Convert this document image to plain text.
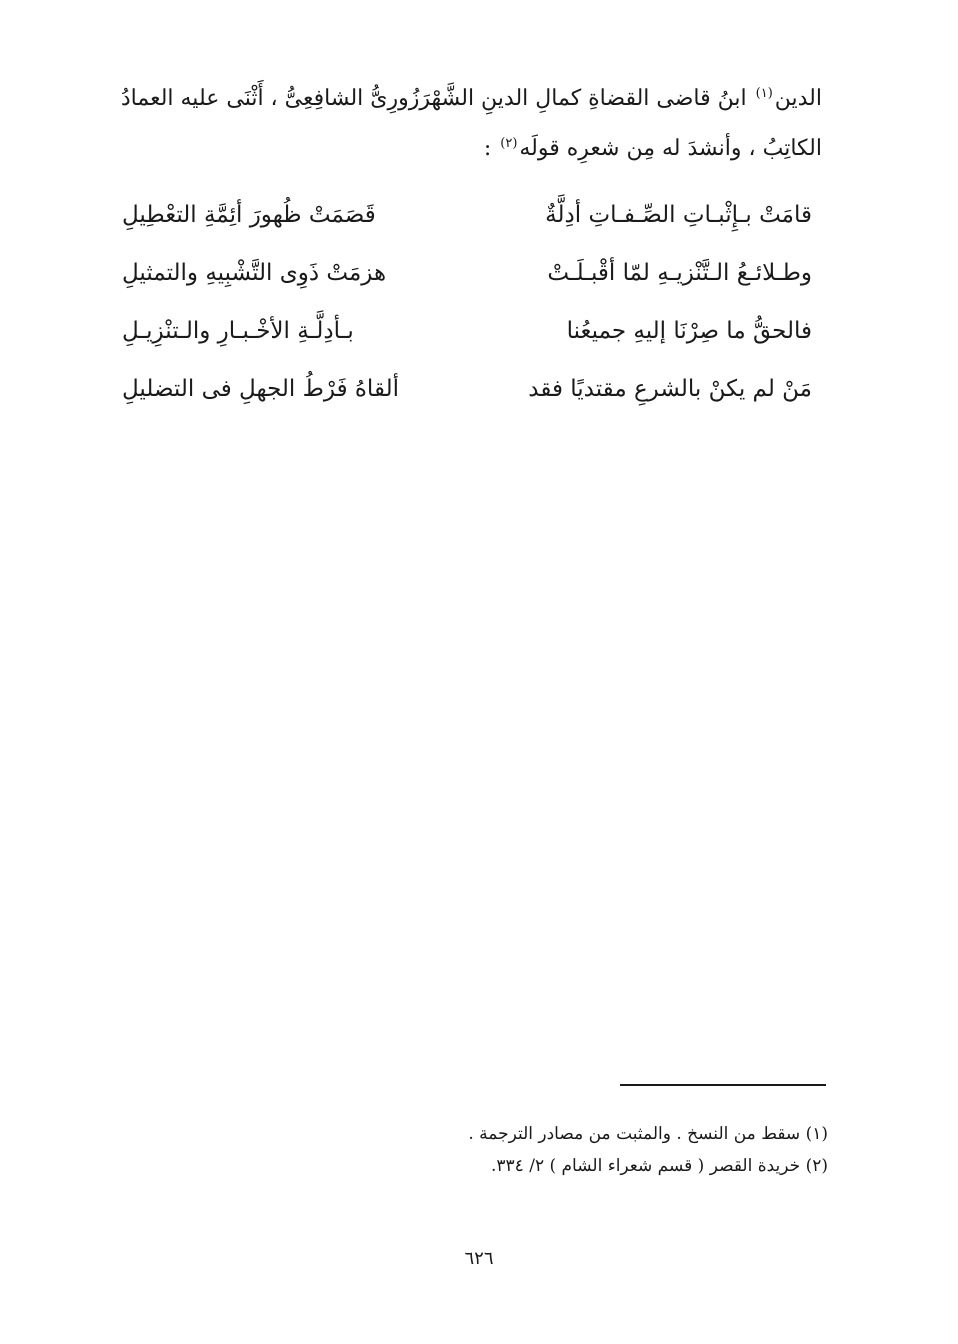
الدين$^{(١)}$ ابنُ قاضى القضاةِ كمالِ الدينِ الشَّهْرَزُورِىُّ الشافِعِىُّ ، أَثْنَى عليه العمادُ
الكاتِبُ ، وأنشدَ له مِن شعرِه قولَه$^{(٢)}$ :
قامَتْ بـإِثْبـاتِ الصِّـفـاتِ أدِلَّةٌ
قَصَمَتْ ظُهورَ أئِمَّةِ التعْطِيلِ
وطـلائـعُ الـتَّنْزيـهِ لمّا أقْبـلَـتْ
هزمَتْ ذَوِى التَّشْبِيهِ والتمثيلِ
فالحقُّ ما صِرْنَا إليهِ جميعُنا
بـأدِلَّـةِ الأخْـبـارِ والـتنْزِيـلِ
مَنْ لم يكنْ بالشرعِ مقتديًا فقد
ألقاهُ فَرْطُ الجهلِ فى التضليلِ
(١) سقط من النسخ . والمثبت من مصادر الترجمة .
(٢) خريدة القصر ( قسم شعراء الشام ) ٢/ ٣٣٤.
٦٢٦
